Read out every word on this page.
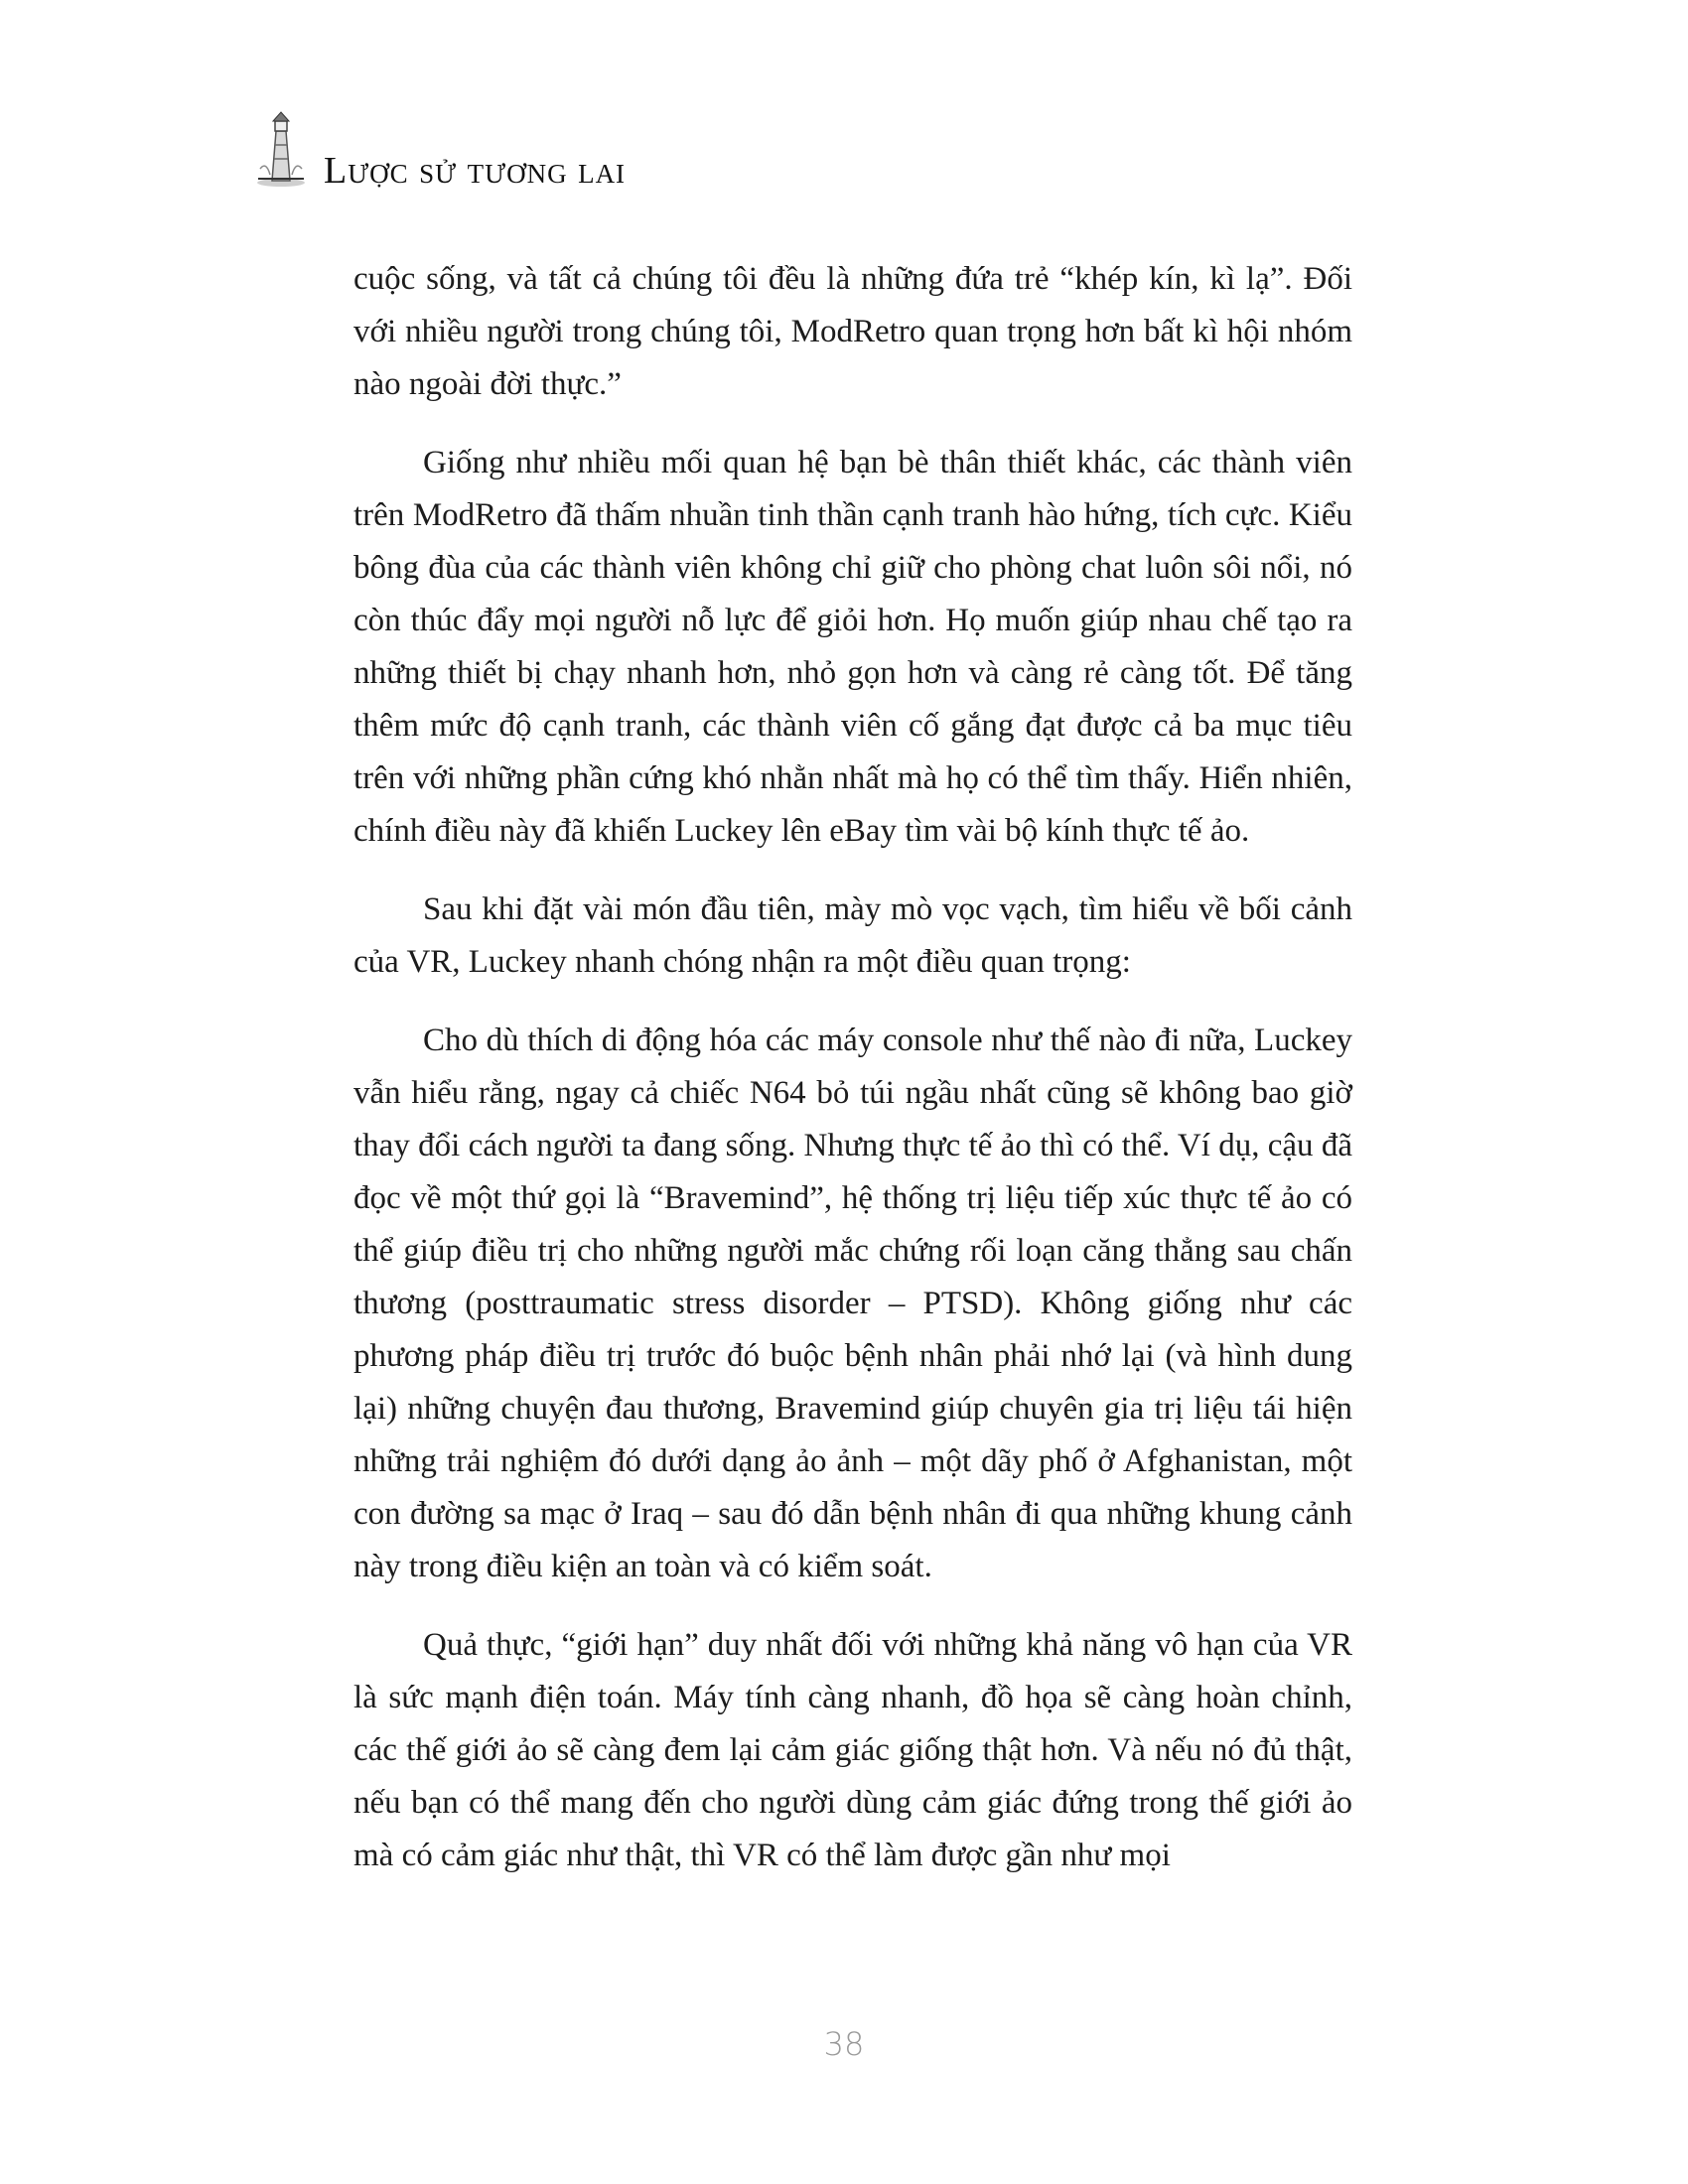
Lược sử tương lai

cuộc sống, và tất cả chúng tôi đều là những đứa trẻ “khép kín, kì lạ”. Đối với nhiều người trong chúng tôi, ModRetro quan trọng hơn bất kì hội nhóm nào ngoài đời thực.”

Giống như nhiều mối quan hệ bạn bè thân thiết khác, các thành viên trên ModRetro đã thấm nhuần tinh thần cạnh tranh hào hứng, tích cực. Kiểu bông đùa của các thành viên không chỉ giữ cho phòng chat luôn sôi nổi, nó còn thúc đẩy mọi người nỗ lực để giỏi hơn. Họ muốn giúp nhau chế tạo ra những thiết bị chạy nhanh hơn, nhỏ gọn hơn và càng rẻ càng tốt. Để tăng thêm mức độ cạnh tranh, các thành viên cố gắng đạt được cả ba mục tiêu trên với những phần cứng khó nhằn nhất mà họ có thể tìm thấy. Hiển nhiên, chính điều này đã khiến Luckey lên eBay tìm vài bộ kính thực tế ảo.

Sau khi đặt vài món đầu tiên, mày mò vọc vạch, tìm hiểu về bối cảnh của VR, Luckey nhanh chóng nhận ra một điều quan trọng:

Cho dù thích di động hóa các máy console như thế nào đi nữa, Luckey vẫn hiểu rằng, ngay cả chiếc N64 bỏ túi ngầu nhất cũng sẽ không bao giờ thay đổi cách người ta đang sống. Nhưng thực tế ảo thì có thể. Ví dụ, cậu đã đọc về một thứ gọi là “Bravemind”, hệ thống trị liệu tiếp xúc thực tế ảo có thể giúp điều trị cho những người mắc chứng rối loạn căng thẳng sau chấn thương (posttraumatic stress disorder – PTSD). Không giống như các phương pháp điều trị trước đó buộc bệnh nhân phải nhớ lại (và hình dung lại) những chuyện đau thương, Bravemind giúp chuyên gia trị liệu tái hiện những trải nghiệm đó dưới dạng ảo ảnh – một dãy phố ở Afghanistan, một con đường sa mạc ở Iraq – sau đó dẫn bệnh nhân đi qua những khung cảnh này trong điều kiện an toàn và có kiểm soát.

Quả thực, “giới hạn” duy nhất đối với những khả năng vô hạn của VR là sức mạnh điện toán. Máy tính càng nhanh, đồ họa sẽ càng hoàn chỉnh, các thế giới ảo sẽ càng đem lại cảm giác giống thật hơn. Và nếu nó đủ thật, nếu bạn có thể mang đến cho người dùng cảm giác đứng trong thế giới ảo mà có cảm giác như thật, thì VR có thể làm được gần như mọi

38
